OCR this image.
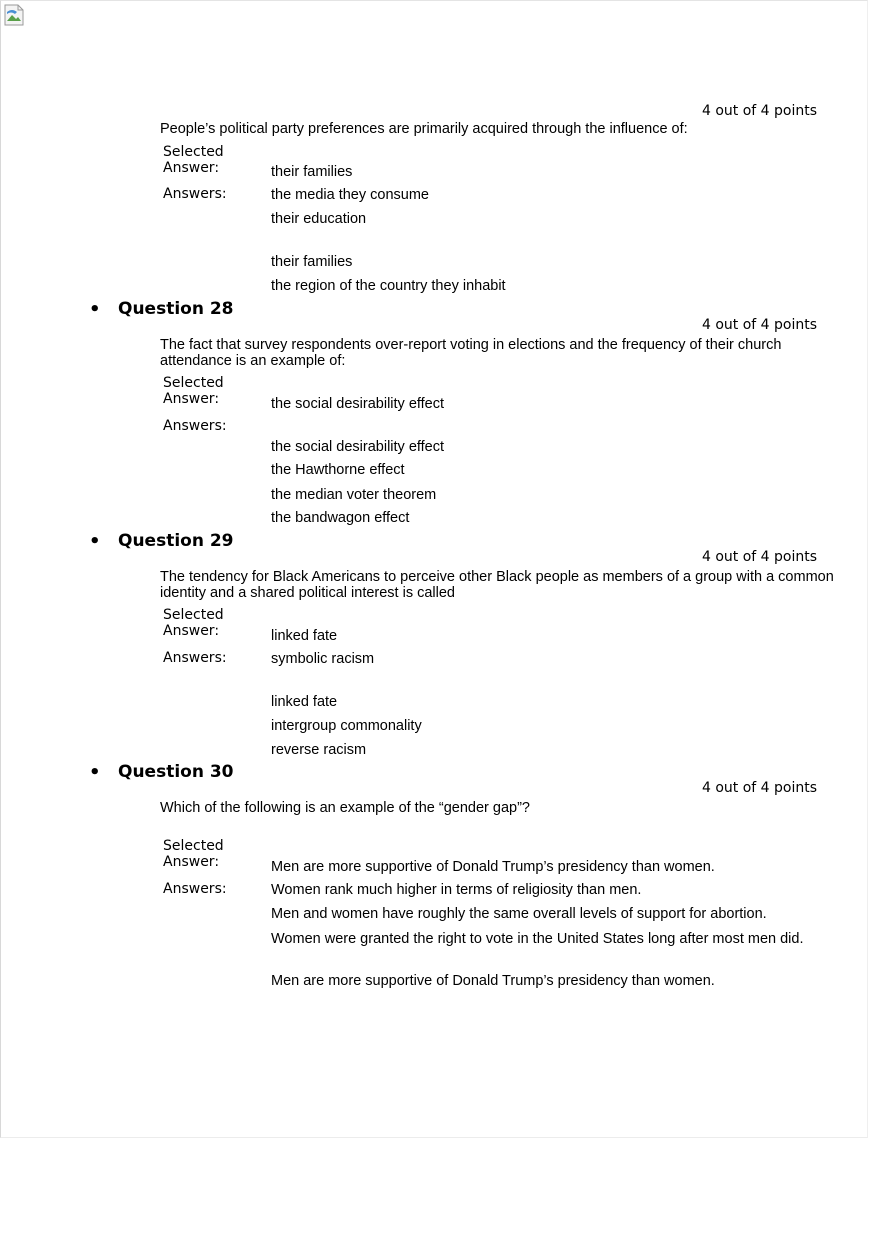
4 out of 4 points
People’s political party preferences are primarily acquired through the influence of:
Selected Answer:	their families
Answers:	the media they consume
their education
their families
the region of the country they inhabit
• Question 28
4 out of 4 points
The fact that survey respondents over-report voting in elections and the frequency of their church attendance is an example of:
Selected Answer:	the social desirability effect
Answers:
the social desirability effect
the Hawthorne effect
the median voter theorem
the bandwagon effect
• Question 29
4 out of 4 points
The tendency for Black Americans to perceive other Black people as members of a group with a common identity and a shared political interest is called
Selected Answer:	linked fate
Answers:	symbolic racism
linked fate
intergroup commonality
reverse racism
• Question 30
4 out of 4 points
Which of the following is an example of the “gender gap”?
Selected Answer:	Men are more supportive of Donald Trump’s presidency than women.
Answers:	Women rank much higher in terms of religiosity than men.
Men and women have roughly the same overall levels of support for abortion.
Women were granted the right to vote in the United States long after most men did.
Men are more supportive of Donald Trump’s presidency than women.
